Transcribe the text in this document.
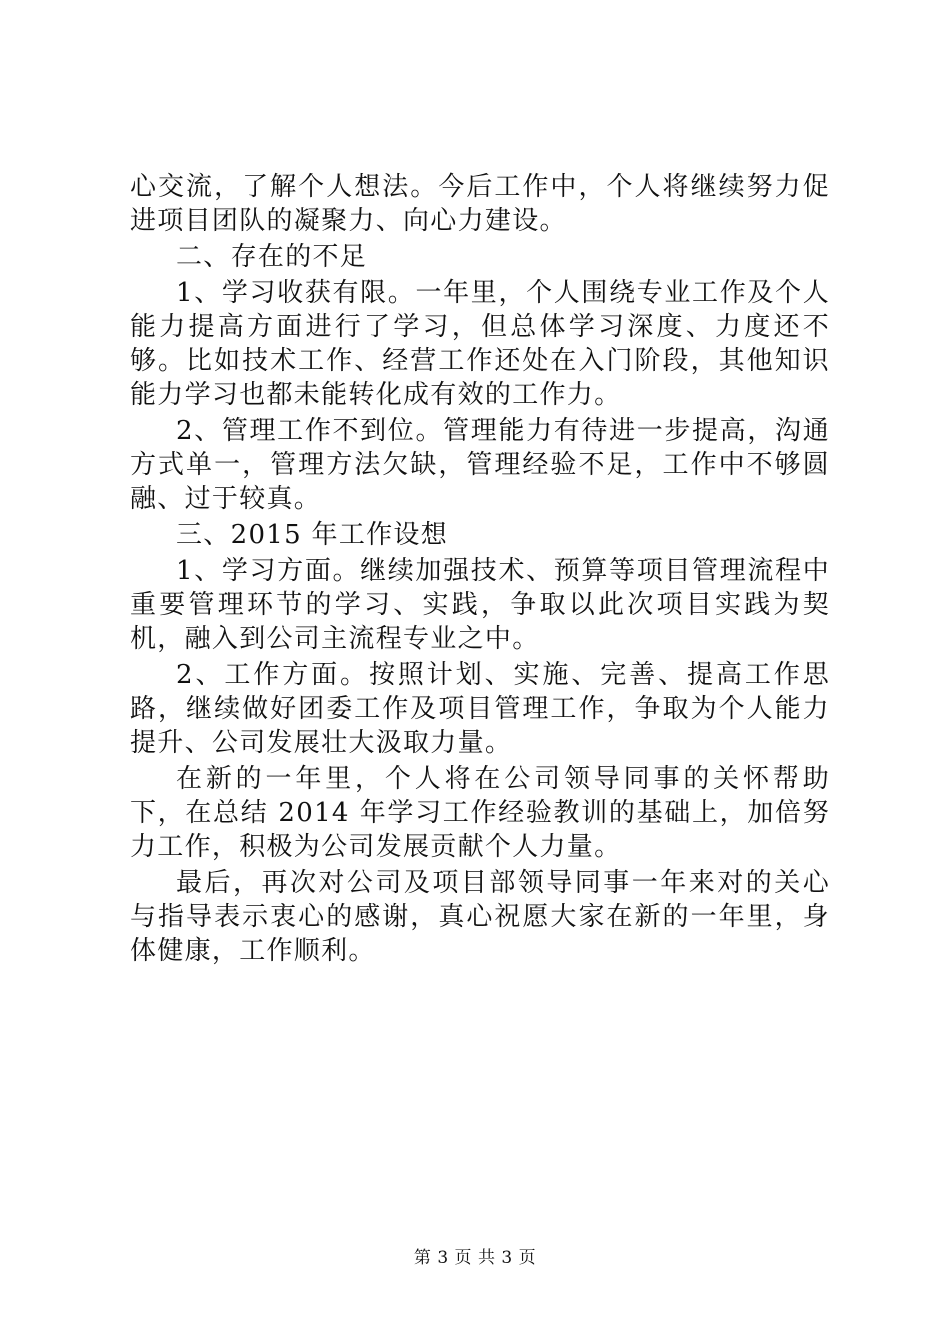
心交流，了解个人想法。今后工作中，个人将继续努力促进项目团队的凝聚力、向心力建设。

二、存在的不足

1、学习收获有限。一年里，个人围绕专业工作及个人能力提高方面进行了学习，但总体学习深度、力度还不够。比如技术工作、经营工作还处在入门阶段，其他知识能力学习也都未能转化成有效的工作力。

2、管理工作不到位。管理能力有待进一步提高，沟通方式单一，管理方法欠缺，管理经验不足，工作中不够圆融、过于较真。

三、2015 年工作设想

1、学习方面。继续加强技术、预算等项目管理流程中重要管理环节的学习、实践，争取以此次项目实践为契机，融入到公司主流程专业之中。

2、工作方面。按照计划、实施、完善、提高工作思路，继续做好团委工作及项目管理工作，争取为个人能力提升、公司发展壮大汲取力量。

在新的一年里，个人将在公司领导同事的关怀帮助下，在总结 2014 年学习工作经验教训的基础上，加倍努力工作，积极为公司发展贡献个人力量。

最后，再次对公司及项目部领导同事一年来对的关心与指导表示衷心的感谢，真心祝愿大家在新的一年里，身体健康，工作顺利。

第 3 页 共 3 页
